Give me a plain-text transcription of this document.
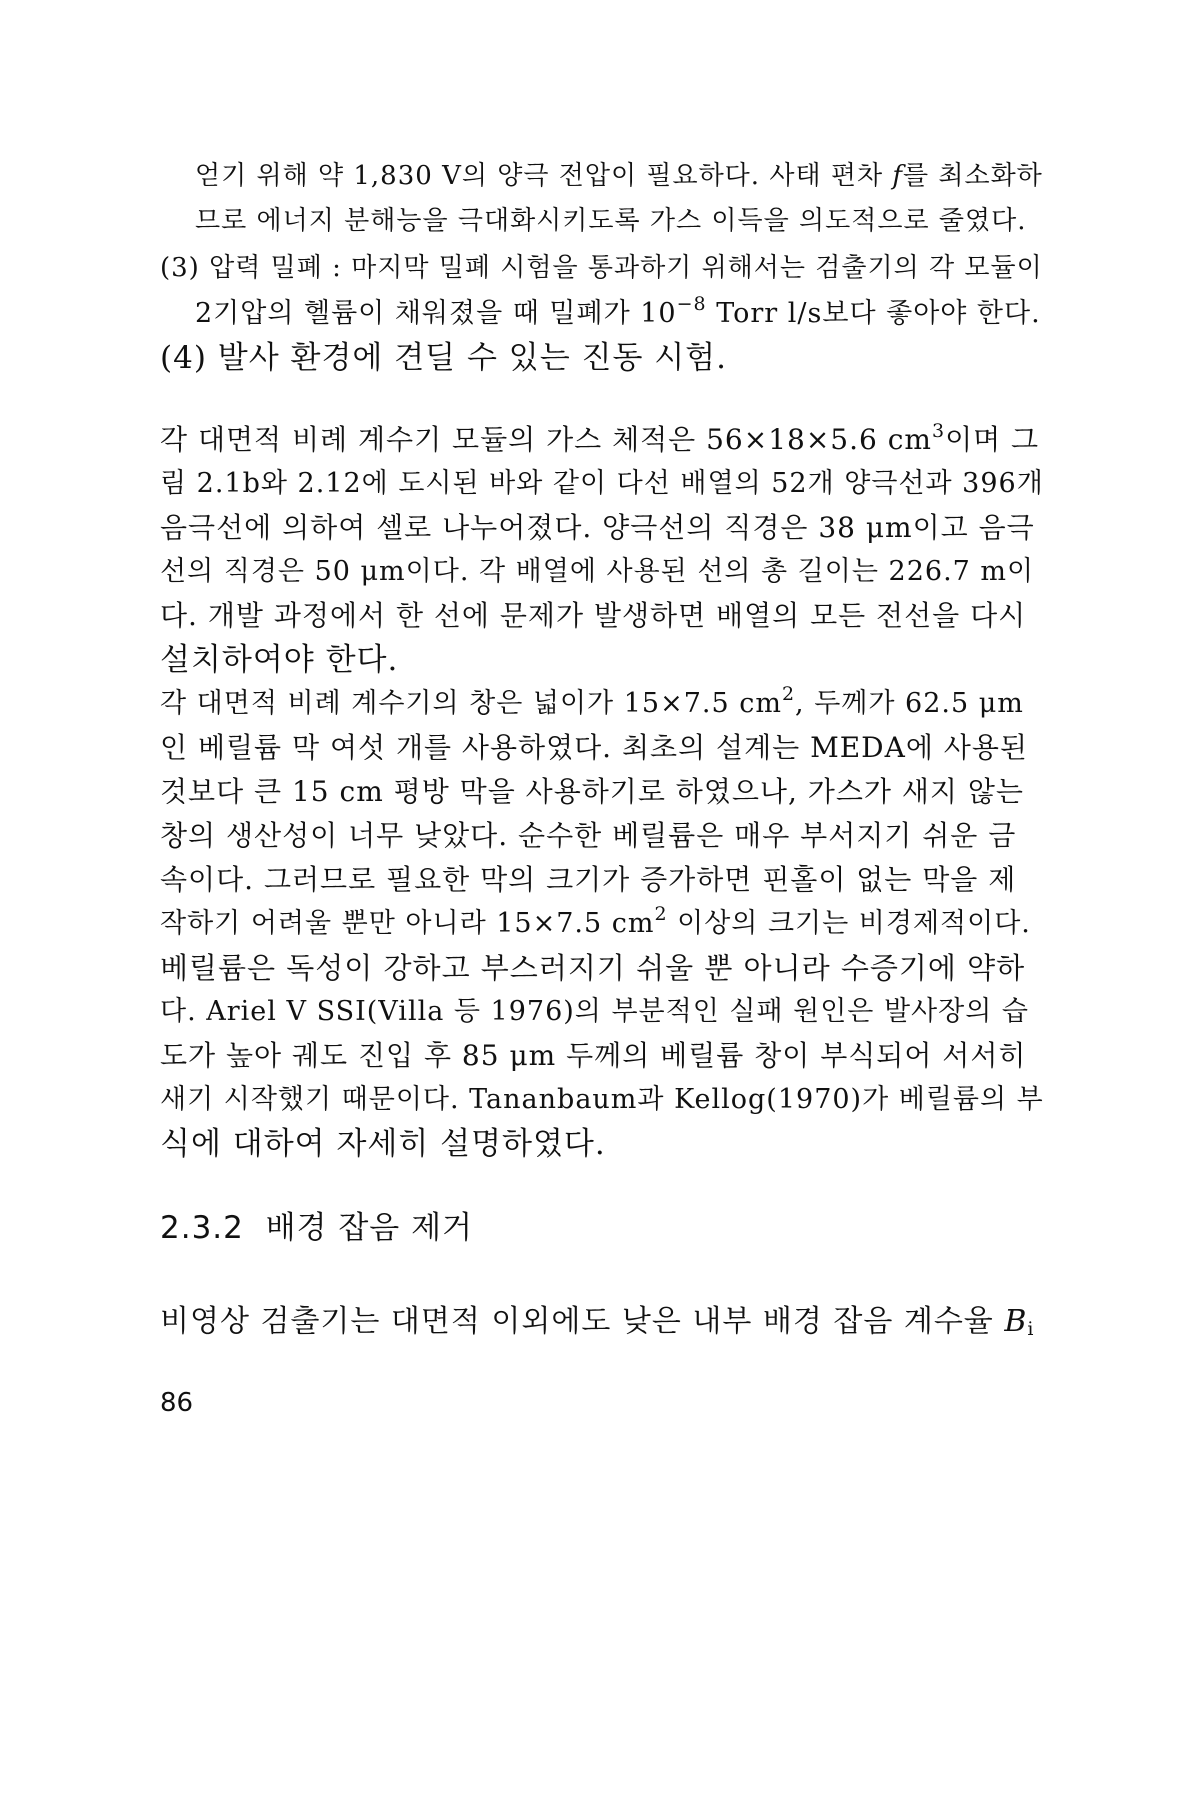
얻기 위해 약 1,830 V의 양극 전압이 필요하다. 사태 편차 f를 최소화하
므로 에너지 분해능을 극대화시키도록 가스 이득을 의도적으로 줄였다.
(3) 압력 밀폐 : 마지막 밀폐 시험을 통과하기 위해서는 검출기의 각 모듈이
2기압의 헬륨이 채워졌을 때 밀폐가 $10^{-8}$ Torr l/s보다 좋아야 한다.
(4) 발사 환경에 견딜 수 있는 진동 시험.
각 대면적 비례 계수기 모듈의 가스 체적은 56×18×5.6 $cm^3$이며 그
림 2.1b와 2.12에 도시된 바와 같이 다선 배열의 52개 양극선과 396개
음극선에 의하여 셀로 나누어졌다. 양극선의 직경은 38 μm이고 음극
선의 직경은 50 μm이다. 각 배열에 사용된 선의 총 길이는 226.7 m이
다. 개발 과정에서 한 선에 문제가 발생하면 배열의 모든 전선을 다시
설치하여야 한다.
각 대면적 비례 계수기의 창은 넓이가 15×7.5 $cm^2$, 두께가 62.5 μm
인 베릴륨 막 여섯 개를 사용하였다. 최초의 설계는 MEDA에 사용된
것보다 큰 15 cm 평방 막을 사용하기로 하였으나, 가스가 새지 않는
창의 생산성이 너무 낮았다. 순수한 베릴륨은 매우 부서지기 쉬운 금
속이다. 그러므로 필요한 막의 크기가 증가하면 핀홀이 없는 막을 제
작하기 어려울 뿐만 아니라 15×7.5 $cm^2$ 이상의 크기는 비경제적이다.
베릴륨은 독성이 강하고 부스러지기 쉬울 뿐 아니라 수증기에 약하
다. Ariel V SSI(Villa 등 1976)의 부분적인 실패 원인은 발사장의 습
도가 높아 궤도 진입 후 85 μm 두께의 베릴륨 창이 부식되어 서서히
새기 시작했기 때문이다. Tananbaum과 Kellog(1970)가 베릴륨의 부
식에 대하여 자세히 설명하였다.
2.3.2 배경 잡음 제거
비영상 검출기는 대면적 이외에도 낮은 내부 배경 잡음 계수율 $B_i$
86
